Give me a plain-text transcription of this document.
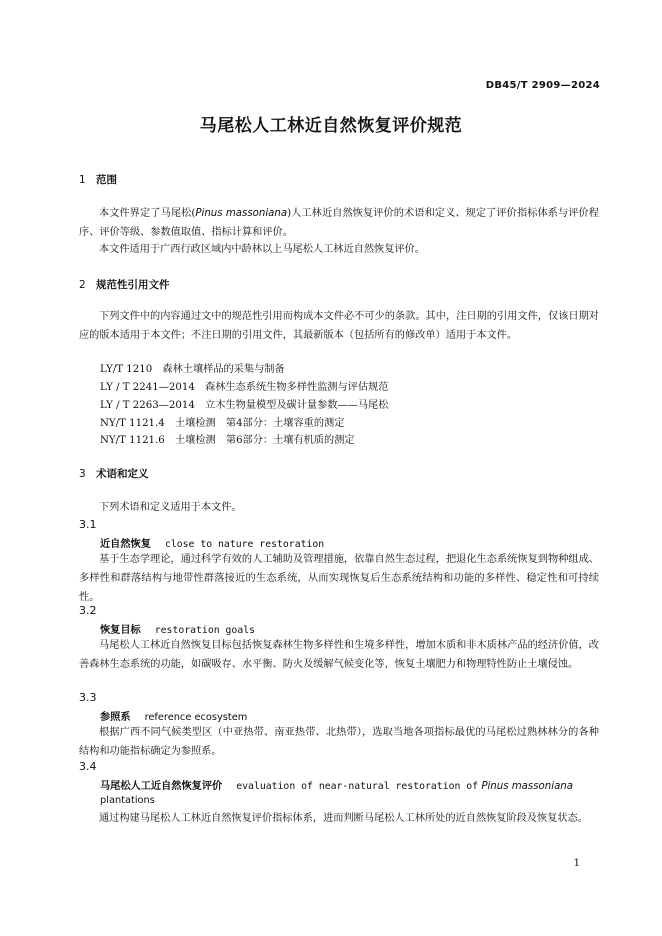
DB45/T 2909—2024
马尾松人工林近自然恢复评价规范
1 范围

本文件界定了马尾松(Pinus massoniana)人工林近自然恢复评价的术语和定义、规定了评价指标体系与评价程序、评价等级、参数值取值、指标计算和评价。

本文件适用于广西行政区域内中龄林以上马尾松人工林近自然恢复评价。

2 规范性引用文件

下列文件中的内容通过文中的规范性引用而构成本文件必不可少的条款。其中，注日期的引用文件，仅该日期对应的版本适用于本文件；不注日期的引用文件，其最新版本（包括所有的修改单）适用于本文件。

LY/T 1210　森林土壤样品的采集与制备
LY / T 2241—2014　森林生态系统生物多样性监测与评估规范
LY / T 2263—2014　立木生物量模型及碳计量参数——马尾松
NY/T 1121.4　土壤检测　第4部分：土壤容重的测定
NY/T 1121.6　土壤检测　第6部分：土壤有机质的测定
3 术语和定义

下列术语和定义适用于本文件。

3.1
近自然恢复 close to nature restoration

基于生态学理论，通过科学有效的人工辅助及管理措施，依靠自然生态过程，把退化生态系统恢复到物种组成、多样性和群落结构与地带性群落接近的生态系统，从而实现恢复后生态系统结构和功能的多样性、稳定性和可持续性。

3.2
恢复目标 restoration goals

马尾松人工林近自然恢复目标包括恢复森林生物多样性和生境多样性，增加木质和非木质林产品的经济价值，改善森林生态系统的功能，如碳吸存、水平衡、防火及缓解气候变化等，恢复土壤肥力和物理特性防止土壤侵蚀。

3.3
参照系 reference ecosystem

根据广西不同气候类型区（中亚热带、南亚热带、北热带），选取当地各项指标最优的马尾松过熟林林分的各种结构和功能指标确定为参照系。

3.4
马尾松人工近自然恢复评价 evaluation of near-natural restoration of Pinus massoniana
plantations

通过构建马尾松人工林近自然恢复评价指标体系，进而判断马尾松人工林所处的近自然恢复阶段及恢复状态。

1
